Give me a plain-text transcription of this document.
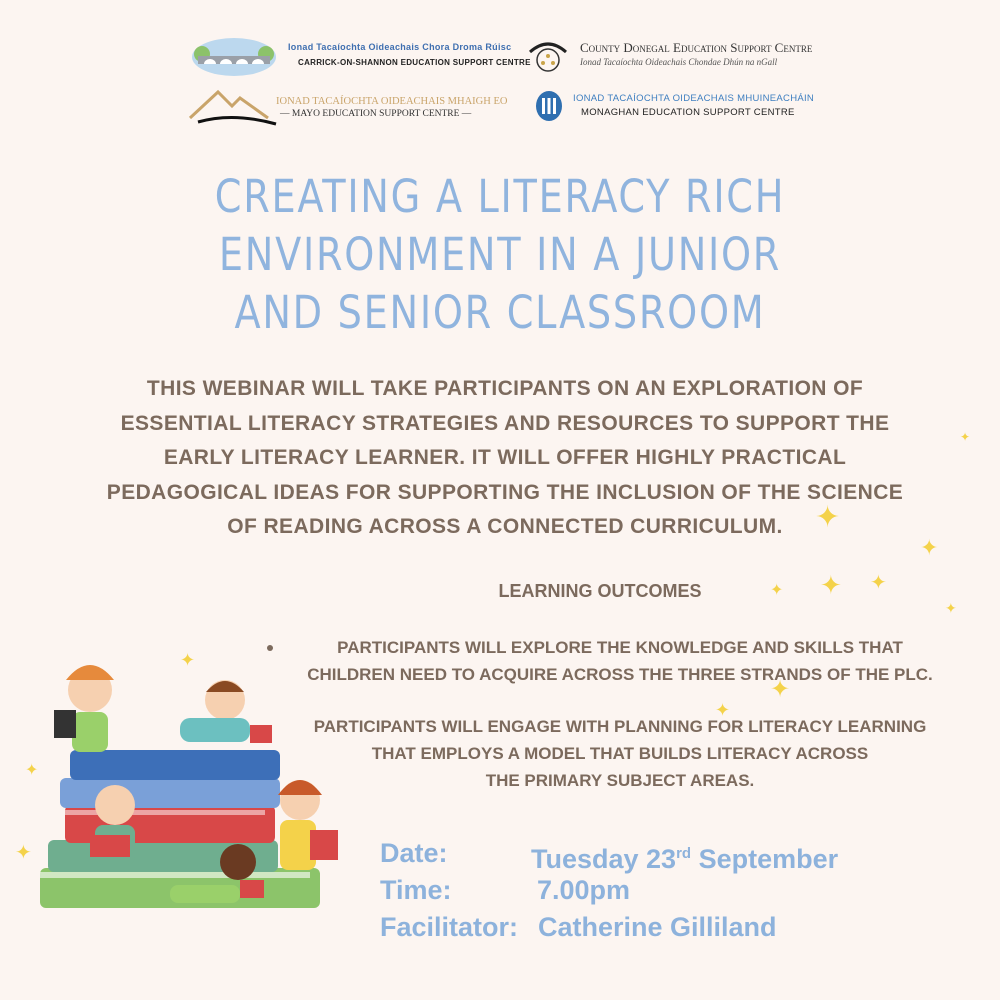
Ionad Tacaíochta Oideachais Chora Droma Rúisc
CARRICK-ON-SHANNON EDUCATION SUPPORT CENTRE
County Donegal Education Support Centre
Ionad Tacaíochta Oideachais Chondae Dhún na nGall
IONAD TACAÍOCHTA OIDEACHAIS MHAIGH EO
— MAYO EDUCATION SUPPORT CENTRE —
IONAD TACAÍOCHTA OIDEACHAIS MHUINEACHÁIN
MONAGHAN EDUCATION SUPPORT CENTRE
CREATING A LITERACY RICH
ENVIRONMENT IN A JUNIOR
AND SENIOR CLASSROOM
THIS WEBINAR WILL TAKE PARTICIPANTS ON AN EXPLORATION OF
ESSENTIAL LITERACY STRATEGIES AND RESOURCES TO SUPPORT THE
EARLY LITERACY LEARNER. IT WILL OFFER HIGHLY PRACTICAL
PEDAGOGICAL IDEAS FOR SUPPORTING THE INCLUSION OF THE SCIENCE
OF READING ACROSS A CONNECTED CURRICULUM.
LEARNING OUTCOMES
PARTICIPANTS WILL EXPLORE THE KNOWLEDGE AND SKILLS THAT
CHILDREN NEED TO ACQUIRE ACROSS THE THREE STRANDS OF THE PLC.
PARTICIPANTS WILL ENGAGE WITH PLANNING FOR LITERACY LEARNING
THAT EMPLOYS A MODEL THAT BUILDS LITERACY ACROSS
THE PRIMARY SUBJECT AREAS.
Date:	Tuesday 23rd September
Time:	7.00pm
Facilitator: Catherine Gilliland
✦
✦
✦ ✦
✦
✦
✦
✦
✦
✦
✦
✦
